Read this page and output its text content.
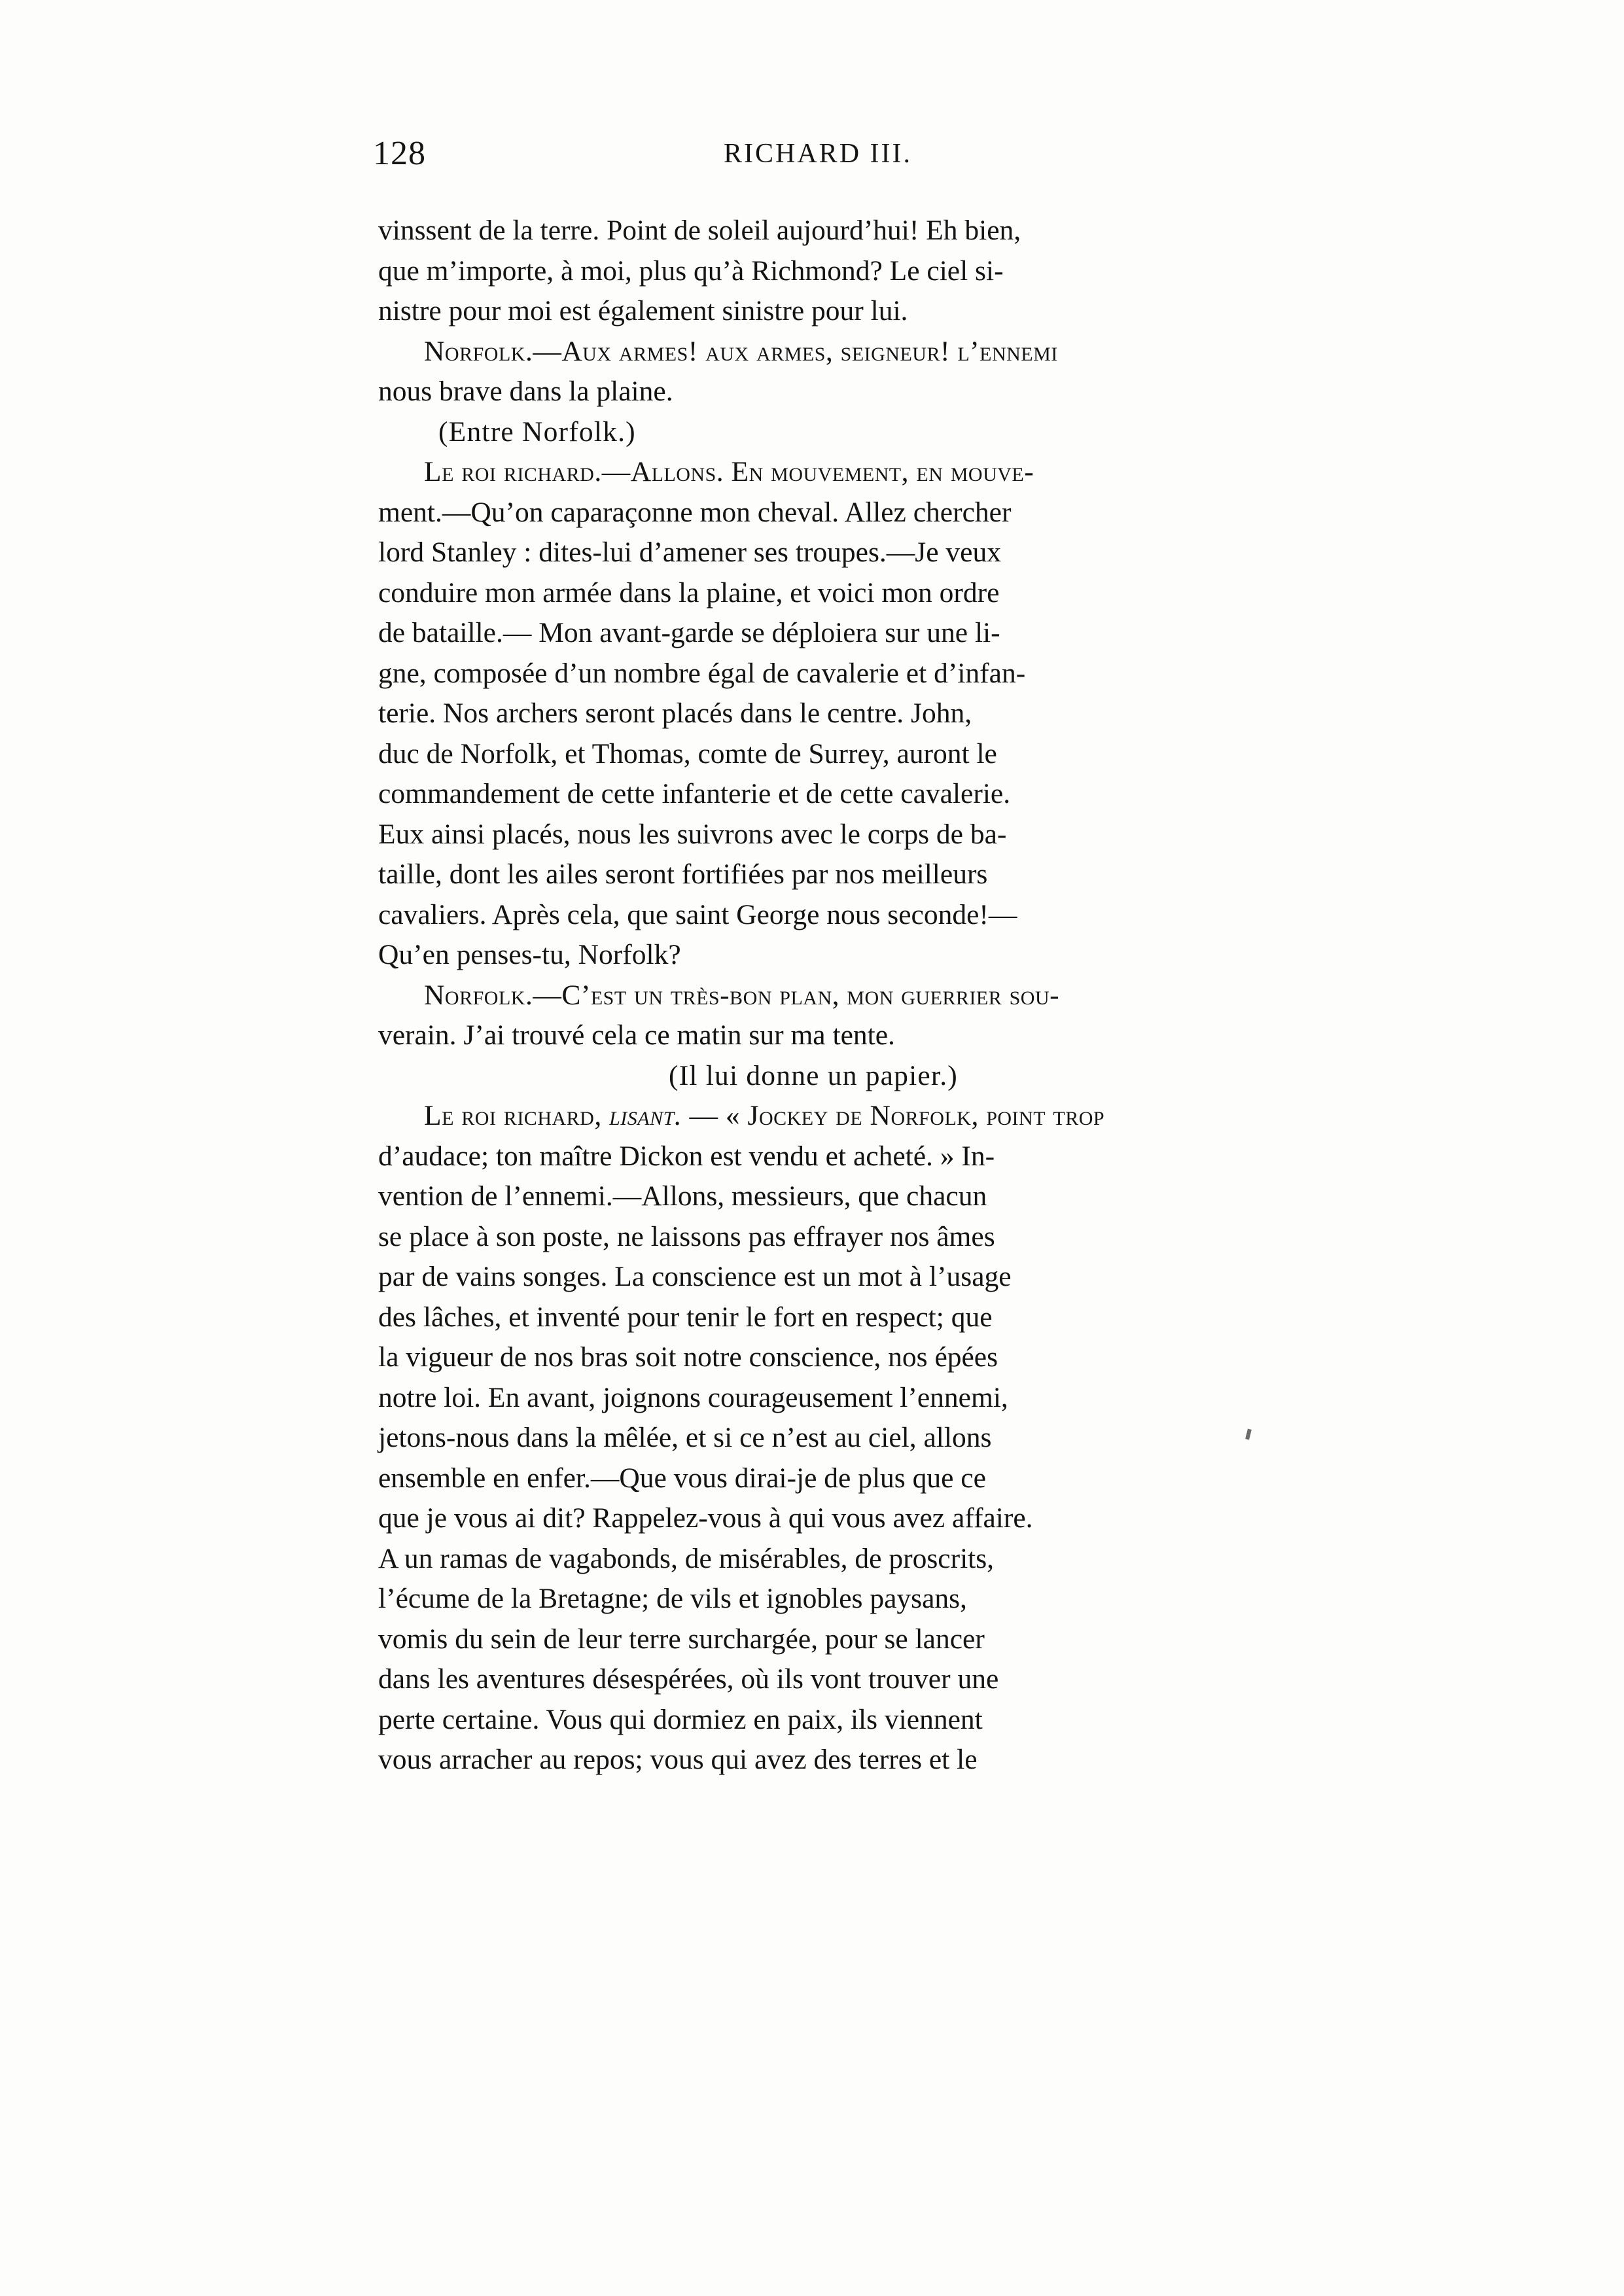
128	RICHARD III.

vinssent de la terre. Point de soleil aujourd’hui! Eh bien,

que m’importe, à moi, plus qu’à Richmond? Le ciel si-

nistre pour moi est également sinistre pour lui.

Norfolk.—Aux armes! aux armes, seigneur! l’ennemi

nous brave dans la plaine.

(Entre Norfolk.)

Le roi richard.—Allons. En mouvement, en mouve-

ment.—Qu’on caparaçonne mon cheval. Allez chercher

lord Stanley : dites-lui d’amener ses troupes.—Je veux

conduire mon armée dans la plaine, et voici mon ordre

de bataille.— Mon avant-garde se déploiera sur une li-

gne, composée d’un nombre égal de cavalerie et d’infan-

terie. Nos archers seront placés dans le centre. John,

duc de Norfolk, et Thomas, comte de Surrey, auront le

commandement de cette infanterie et de cette cavalerie.

Eux ainsi placés, nous les suivrons avec le corps de ba-

taille, dont les ailes seront fortifiées par nos meilleurs

cavaliers. Après cela, que saint George nous seconde!—

Qu’en penses-tu, Norfolk?

Norfolk.—C’est un très-bon plan, mon guerrier sou-

verain. J’ai trouvé cela ce matin sur ma tente.

(Il lui donne un papier.)

Le roi richard, lisant. — « Jockey de Norfolk, point trop

d’audace; ton maître Dickon est vendu et acheté. » In-

vention de l’ennemi.—Allons, messieurs, que chacun

se place à son poste, ne laissons pas effrayer nos âmes

par de vains songes. La conscience est un mot à l’usage

des lâches, et inventé pour tenir le fort en respect; que

la vigueur de nos bras soit notre conscience, nos épées

notre loi. En avant, joignons courageusement l’ennemi,

jetons-nous dans la mêlée, et si ce n’est au ciel, allons

ensemble en enfer.—Que vous dirai-je de plus que ce

que je vous ai dit? Rappelez-vous à qui vous avez affaire.

A un ramas de vagabonds, de misérables, de proscrits,

l’écume de la Bretagne; de vils et ignobles paysans,

vomis du sein de leur terre surchargée, pour se lancer

dans les aventures désespérées, où ils vont trouver une

perte certaine. Vous qui dormiez en paix, ils viennent

vous arracher au repos; vous qui avez des terres et le
